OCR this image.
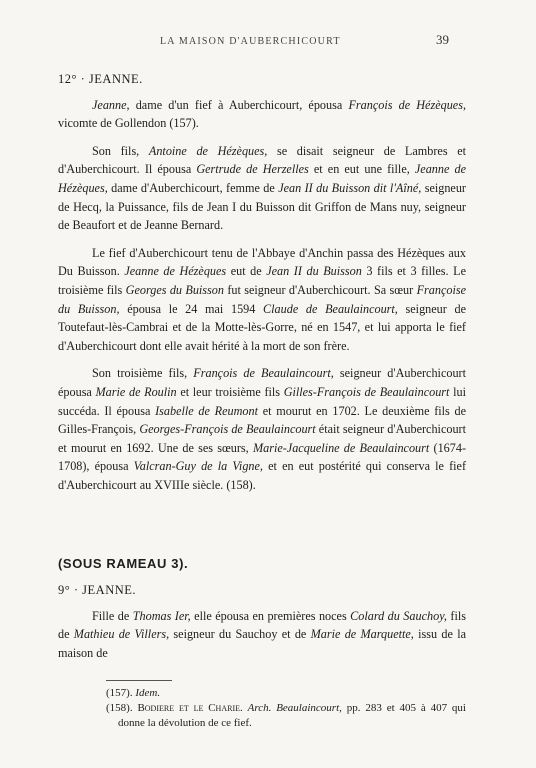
LA MAISON D'AUBERCHICOURT	39
12° · JEANNE.

Jeanne, dame d'un fief à Auberchicourt, épousa François de Hézèques, vicomte de Gollendon (157).

Son fils, Antoine de Hézèques, se disait seigneur de Lambres et d'Auberchicourt. Il épousa Gertrude de Herzelles et en eut une fille, Jeanne de Hézèques, dame d'Auberchicourt, femme de Jean II du Buisson dit l'Aîné, seigneur de Hecq, la Puissance, fils de Jean I du Buisson dit Griffon de Mans nuy, seigneur de Beaufort et de Jeanne Bernard.

Le fief d'Auberchicourt tenu de l'Abbaye d'Anchin passa des Hézèques aux Du Buisson. Jeanne de Hézèques eut de Jean II du Buisson 3 fils et 3 filles. Le troisième fils Georges du Buisson fut seigneur d'Auberchicourt. Sa sœur Françoise du Buisson, épousa le 24 mai 1594 Claude de Beaulaincourt, seigneur de Toutefaut-lès-Cambrai et de la Motte-lès-Gorre, né en 1547, et lui apporta le fief d'Auberchicourt dont elle avait hérité à la mort de son frère.

Son troisième fils, François de Beaulaincourt, seigneur d'Auberchicourt épousa Marie de Roulin et leur troisième fils Gilles-François de Beaulaincourt lui succéda. Il épousa Isabelle de Reumont et mourut en 1702. Le deuxième fils de Gilles-François, Georges-François de Beaulaincourt était seigneur d'Auberchicourt et mourut en 1692. Une de ses sœurs, Marie-Jacqueline de Beaulaincourt (1674-1708), épousa Valcran-Guy de la Vigne, et en eut postérité qui conserva le fief d'Auberchicourt au XVIIIe siècle. (158).

(SOUS RAMEAU 3).
9° · JEANNE.

Fille de Thomas Ier, elle épousa en premières noces Colard du Sauchoy, fils de Mathieu de Villers, seigneur du Sauchoy et de Marie de Marquette, issu de la maison de

(157). Idem.

(158). Bodiere et le Charie. Arch. Beaulaincourt, pp. 283 et 405 à 407 qui donne la dévolution de ce fief.
